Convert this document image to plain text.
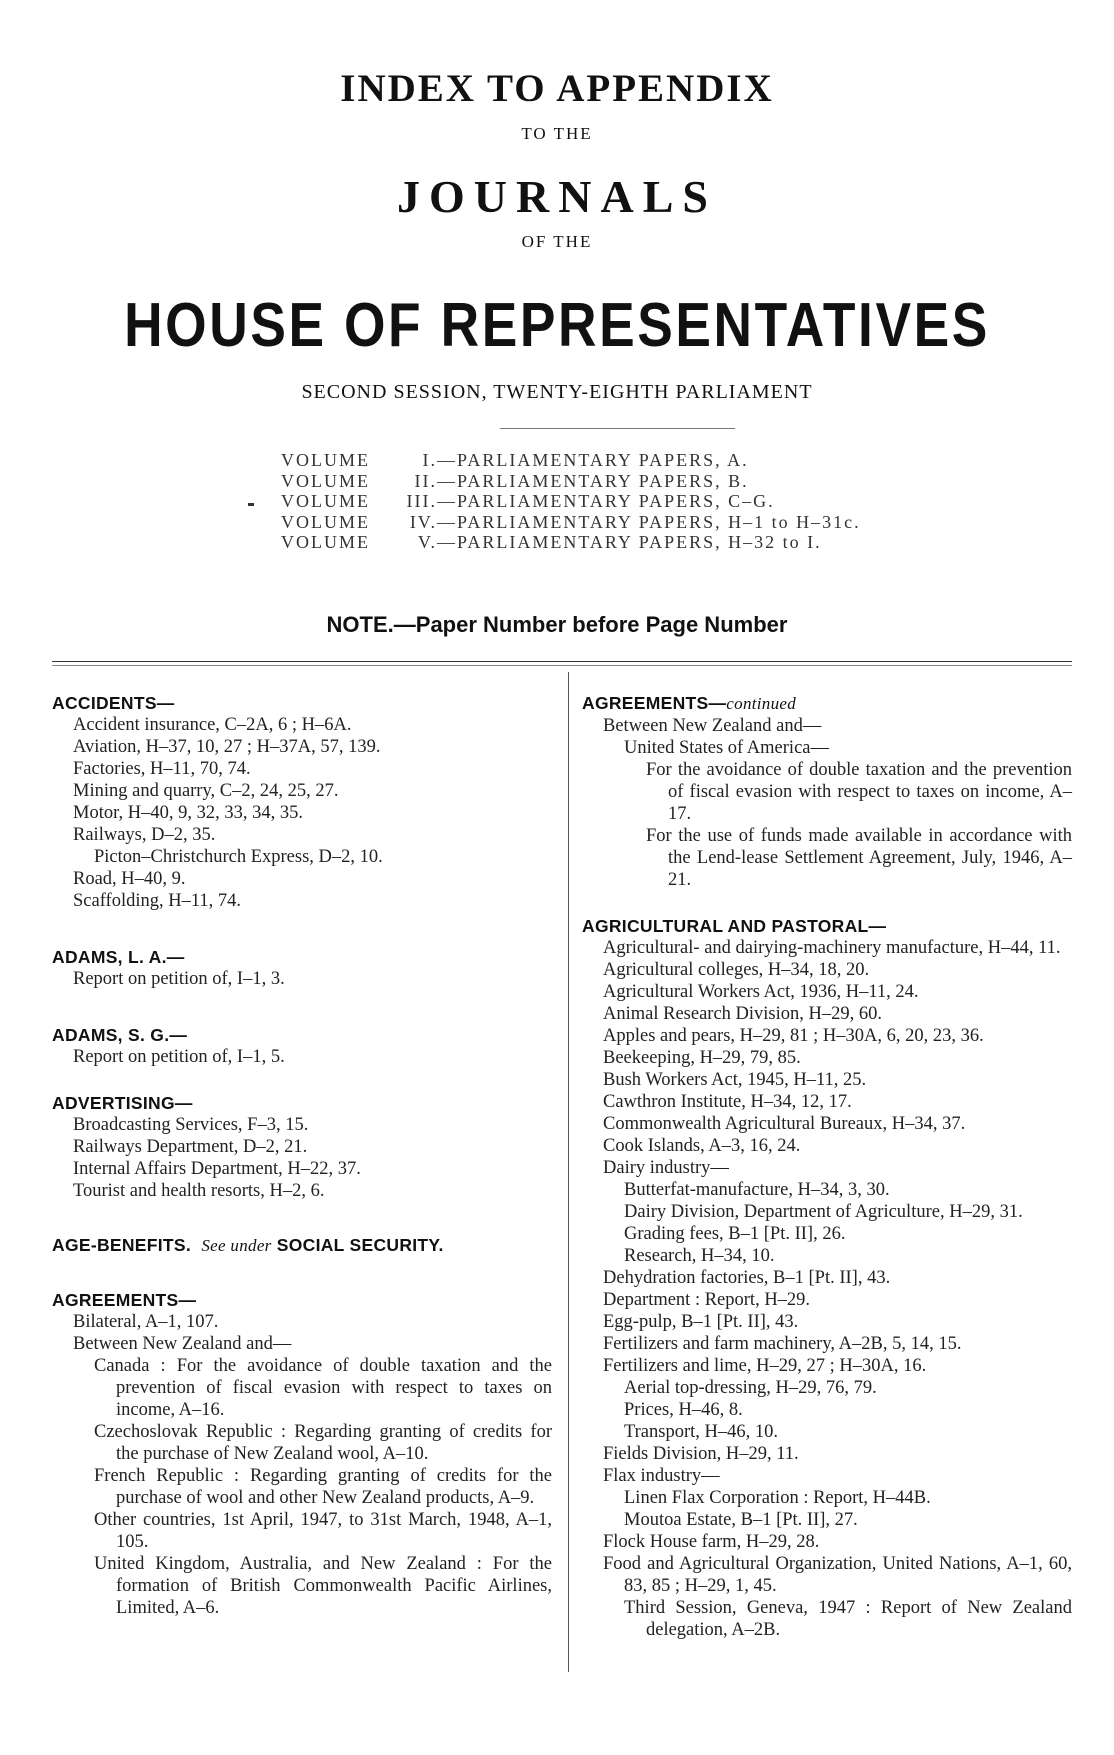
INDEX TO APPENDIX
TO THE
JOURNALS
OF THE
HOUSE OF REPRESENTATIVES
SECOND SESSION, TWENTY-EIGHTH PARLIAMENT
VOLUME	I.—PARLIAMENTARY PAPERS, A.
VOLUME II.—PARLIAMENTARY PAPERS, B.
VOLUME III.—PARLIAMENTARY PAPERS, C–G.
VOLUME IV.—PARLIAMENTARY PAPERS, H–1 to H–31c.
VOLUME	V.—PARLIAMENTARY PAPERS, H–32 to I.
NOTE.—Paper Number before Page Number
ACCIDENTS—
Accident insurance, C–2A, 6 ; H–6A.
Aviation, H–37, 10, 27 ; H–37A, 57, 139.
Factories, H–11, 70, 74.
Mining and quarry, C–2, 24, 25, 27.
Motor, H–40, 9, 32, 33, 34, 35.
Railways, D–2, 35.
Picton–Christchurch Express, D–2, 10.
Road, H–40, 9.
Scaffolding, H–11, 74.
ADAMS, L. A.—
Report on petition of, I–1, 3.
ADAMS, S. G.—
Report on petition of, I–1, 5.
ADVERTISING—
Broadcasting Services, F–3, 15.
Railways Department, D–2, 21.
Internal Affairs Department, H–22, 37.
Tourist and health resorts, H–2, 6.
AGE-BENEFITS. See under SOCIAL SECURITY.
AGREEMENTS—
Bilateral, A–1, 107.
Between New Zealand and—
Canada : For the avoidance of double taxation and the prevention of fiscal evasion with respect to taxes on income, A–16.
Czechoslovak Republic : Regarding granting of credits for the purchase of New Zealand wool, A–10.
French Republic : Regarding granting of credits for the purchase of wool and other New Zealand products, A–9.
Other countries, 1st April, 1947, to 31st March, 1948, A–1, 105.
United Kingdom, Australia, and New Zealand : For the formation of British Commonwealth Pacific Airlines, Limited, A–6.
AGREEMENTS—continued
Between New Zealand and—
United States of America—
For the avoidance of double taxation and the prevention of fiscal evasion with respect to taxes on income, A–17.
For the use of funds made available in accordance with the Lend-lease Settlement Agreement, July, 1946, A–21.
AGRICULTURAL AND PASTORAL—
Agricultural- and dairying-machinery manufacture, H–44, 11.
Agricultural colleges, H–34, 18, 20.
Agricultural Workers Act, 1936, H–11, 24.
Animal Research Division, H–29, 60.
Apples and pears, H–29, 81 ; H–30A, 6, 20, 23, 36.
Beekeeping, H–29, 79, 85.
Bush Workers Act, 1945, H–11, 25.
Cawthron Institute, H–34, 12, 17.
Commonwealth Agricultural Bureaux, H–34, 37.
Cook Islands, A–3, 16, 24.
Dairy industry—
Butterfat-manufacture, H–34, 3, 30.
Dairy Division, Department of Agriculture, H–29, 31.
Grading fees, B–1 [Pt. II], 26.
Research, H–34, 10.
Dehydration factories, B–1 [Pt. II], 43.
Department : Report, H–29.
Egg-pulp, B–1 [Pt. II], 43.
Fertilizers and farm machinery, A–2B, 5, 14, 15.
Fertilizers and lime, H–29, 27 ; H–30A, 16.
Aerial top-dressing, H–29, 76, 79.
Prices, H–46, 8.
Transport, H–46, 10.
Fields Division, H–29, 11.
Flax industry—
Linen Flax Corporation : Report, H–44B.
Moutoa Estate, B–1 [Pt. II], 27.
Flock House farm, H–29, 28.
Food and Agricultural Organization, United Nations, A–1, 60, 83, 85 ; H–29, 1, 45.
Third Session, Geneva, 1947 : Report of New Zealand delegation, A–2B.
